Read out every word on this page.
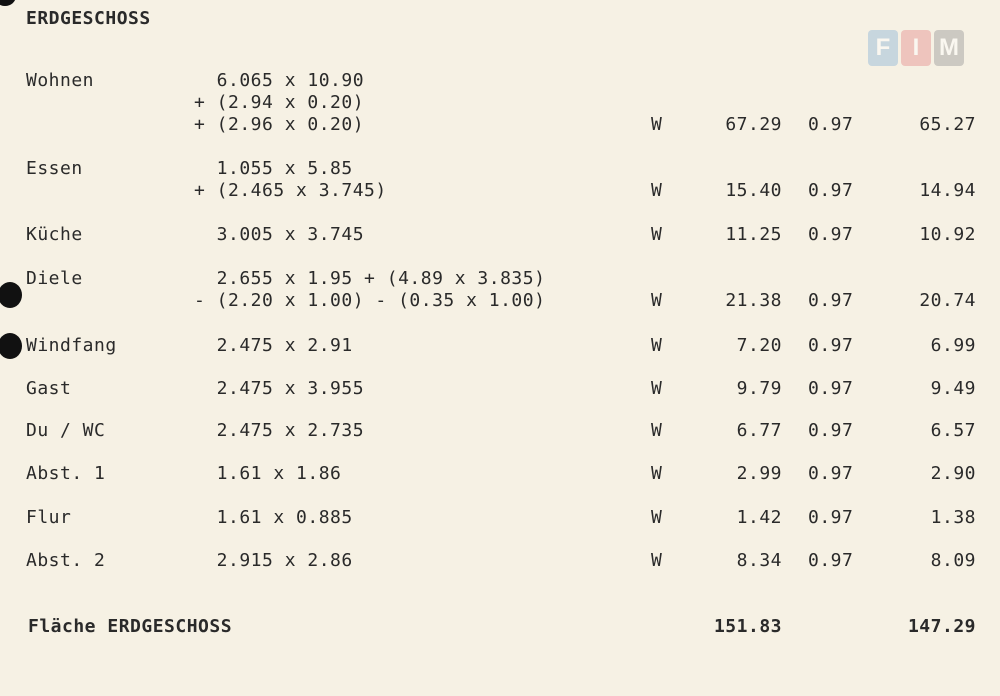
ERDGESCHOSS
F I M
Wohnen	6.065 x 10.90
+ (2.94 x 0.20)
+ (2.96 x 0.20)	W	67.29 0.97	65.27
Essen	1.055 x 5.85
+ (2.465 x 3.745)	W	15.40 0.97	14.94
Küche	3.005 x 3.745	W	11.25 0.97	10.92
Diele	2.655 x 1.95 + (4.89 x 3.835)
- (2.20 x 1.00) - (0.35 x 1.00)	W	21.38 0.97	20.74
Windfang	2.475 x 2.91	W	7.20 0.97	6.99
Gast	2.475 x 3.955	W	9.79 0.97	9.49
Du / WC	2.475 x 2.735	W	6.77 0.97	6.57
Abst. 1	1.61 x 1.86	W	2.99 0.97	2.90
Flur	1.61 x 0.885	W	1.42 0.97	1.38
Abst. 2	2.915 x 2.86	W	8.34 0.97	8.09
Fläche ERDGESCHOSS	151.83	147.29
